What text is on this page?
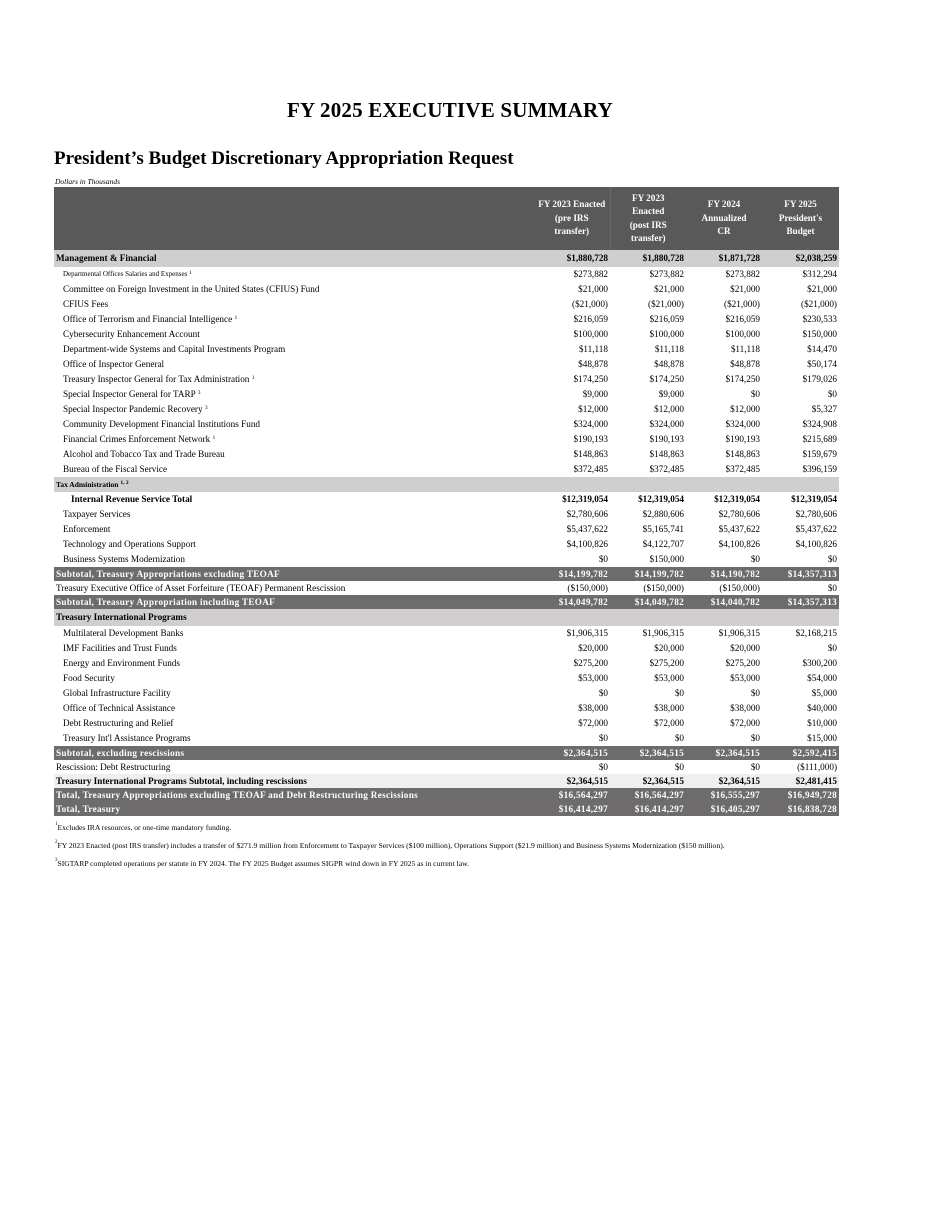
FY 2025 EXECUTIVE SUMMARY
President’s Budget Discretionary Appropriation Request
Dollars in Thousands
	FY 2023 Enacted
(pre IRS
transfer)	FY 2023
Enacted
(post IRS
transfer)	FY 2024
Annualized
CR	FY 2025
President's
Budget
Management & Financial	$1,880,728	$1,880,728	$1,871,728	$2,038,259
Departmental Offices Salaries and Expenses $^1$	$273,882	$273,882	$273,882	$312,294
Committee on Foreign Investment in the United States (CFIUS) Fund	$21,000	$21,000	$21,000	$21,000
CFIUS Fees	($21,000)	($21,000)	($21,000)	($21,000)
Office of Terrorism and Financial Intelligence $^1$	$216,059	$216,059	$216,059	$230,533
Cybersecurity Enhancement Account	$100,000	$100,000	$100,000	$150,000
Department-wide Systems and Capital Investments Program	$11,118	$11,118	$11,118	$14,470
Office of Inspector General	$48,878	$48,878	$48,878	$50,174
Treasury Inspector General for Tax Administration $^1$	$174,250	$174,250	$174,250	$179,026
Special Inspector General for TARP $^3$	$9,000	$9,000	$0	$0
Special Inspector Pandemic Recovery $^3$	$12,000	$12,000	$12,000	$5,327
Community Development Financial Institutions Fund	$324,000	$324,000	$324,000	$324,908
Financial Crimes Enforcement Network $^1$	$190,193	$190,193	$190,193	$215,689
Alcohol and Tobacco Tax and Trade Bureau	$148,863	$148,863	$148,863	$159,679
Bureau of the Fiscal Service	$372,485	$372,485	$372,485	$396,159
Tax Administration $^{1, 2}$				
Internal Revenue Service Total	$12,319,054	$12,319,054	$12,319,054	$12,319,054
Taxpayer Services	$2,780,606	$2,880,606	$2,780,606	$2,780,606
Enforcement	$5,437,622	$5,165,741	$5,437,622	$5,437,622
Technology and Operations Support	$4,100,826	$4,122,707	$4,100,826	$4,100,826
Business Systems Modernization	$0	$150,000	$0	$0
Subtotal, Treasury Appropriations excluding TEOAF	$14,199,782	$14,199,782	$14,190,782	$14,357,313
Treasury Executive Office of Asset Forfeiture (TEOAF) Permanent Rescission	($150,000)	($150,000)	($150,000)	$0
Subtotal, Treasury Appropriation including TEOAF	$14,049,782	$14,049,782	$14,040,782	$14,357,313
Treasury International Programs				
Multilateral Development Banks	$1,906,315	$1,906,315	$1,906,315	$2,168,215
IMF Facilities and Trust Funds	$20,000	$20,000	$20,000	$0
Energy and Environment Funds	$275,200	$275,200	$275,200	$300,200
Food Security	$53,000	$53,000	$53,000	$54,000
Global Infrastructure Facility	$0	$0	$0	$5,000
Office of Technical Assistance	$38,000	$38,000	$38,000	$40,000
Debt Restructuring and Relief	$72,000	$72,000	$72,000	$10,000
Treasury Int'l Assistance Programs	$0	$0	$0	$15,000
Subtotal, excluding rescissions	$2,364,515	$2,364,515	$2,364,515	$2,592,415
Rescission: Debt Restructuring	$0	$0	$0	($111,000)
Treasury International Programs Subtotal, including rescissions	$2,364,515	$2,364,515	$2,364,515	$2,481,415
Total, Treasury Appropriations excluding TEOAF and Debt Restructuring Rescissions	$16,564,297	$16,564,297	$16,555,297	$16,949,728
Total, Treasury	$16,414,297	$16,414,297	$16,405,297	$16,838,728

$^1$Excludes IRA resources, or one-time mandatory funding.

$^2$FY 2023 Enacted (post IRS transfer) includes a transfer of $271.9 million from Enforcement to Taxpayer Services ($100 million), Operations Support ($21.9 million) and Business Systems Modernization ($150 million).

$^3$SIGTARP completed operations per statute in FY 2024. The FY 2025 Budget assumes SIGPR wind down in FY 2025 as in current law.
